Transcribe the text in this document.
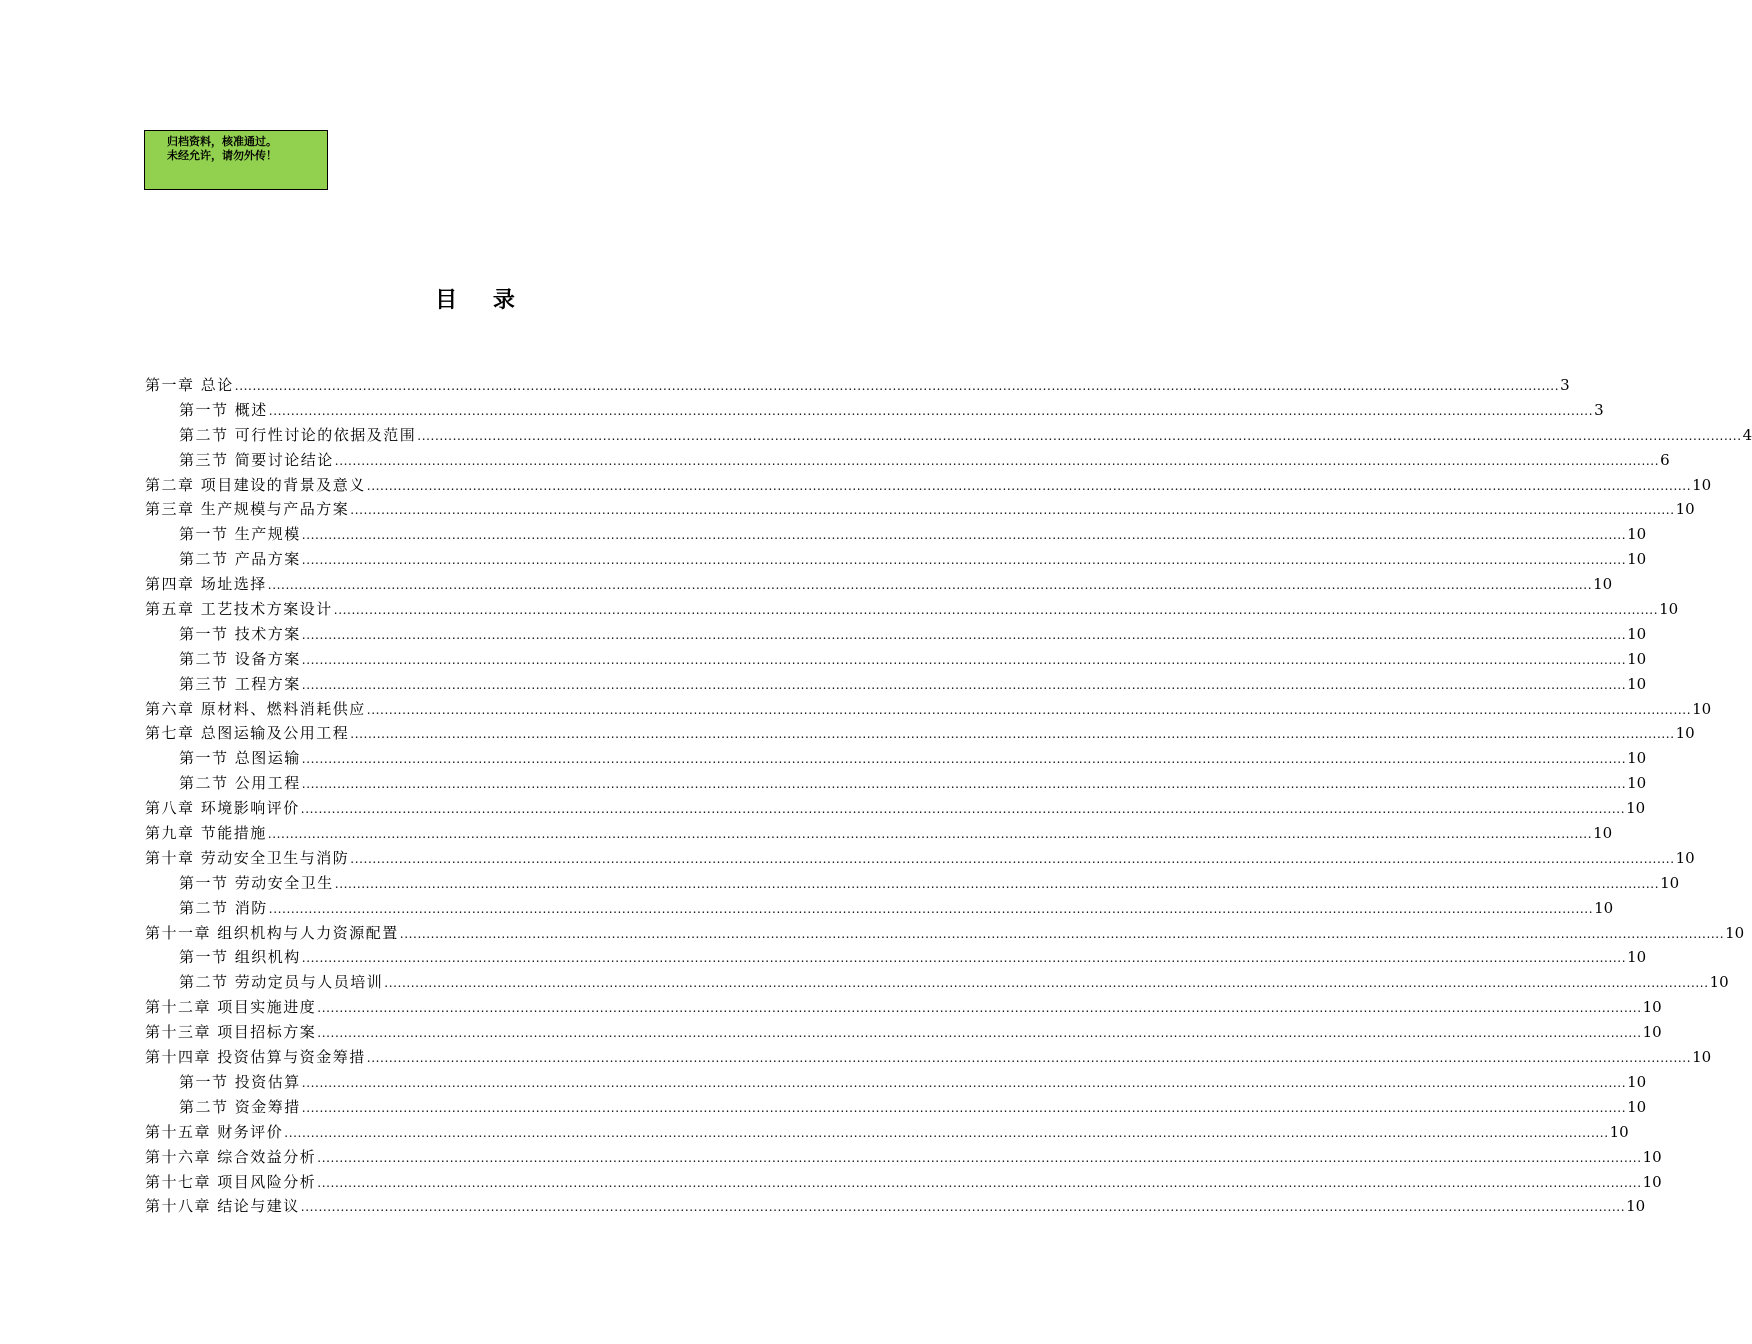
归档资料，核准通过。
未经允许，请勿外传！
目 录
第一章 总论 ............................................................................................................................................................................................................................................................................................................ 3
第一节 概述 ............................................................................................................................................................................................................................................................................................................ 3
第二节 可行性讨论的依据及范围 ............................................................................................................................................................................................................................................................................................................ 4
第三节 简要讨论结论 ............................................................................................................................................................................................................................................................................................................ 6
第二章 项目建设的背景及意义 ............................................................................................................................................................................................................................................................................................................ 10
第三章 生产规模与产品方案 ............................................................................................................................................................................................................................................................................................................ 10
第一节 生产规模 ............................................................................................................................................................................................................................................................................................................ 10
第二节 产品方案 ............................................................................................................................................................................................................................................................................................................ 10
第四章 场址选择 ............................................................................................................................................................................................................................................................................................................ 10
第五章 工艺技术方案设计 ............................................................................................................................................................................................................................................................................................................ 10
第一节 技术方案 ............................................................................................................................................................................................................................................................................................................ 10
第二节 设备方案 ............................................................................................................................................................................................................................................................................................................ 10
第三节 工程方案 ............................................................................................................................................................................................................................................................................................................ 10
第六章 原材料、燃料消耗供应 ............................................................................................................................................................................................................................................................................................................ 10
第七章 总图运输及公用工程 ............................................................................................................................................................................................................................................................................................................ 10
第一节 总图运输 ............................................................................................................................................................................................................................................................................................................ 10
第二节 公用工程 ............................................................................................................................................................................................................................................................................................................ 10
第八章 环境影响评价 ............................................................................................................................................................................................................................................................................................................ 10
第九章 节能措施 ............................................................................................................................................................................................................................................................................................................ 10
第十章 劳动安全卫生与消防 ............................................................................................................................................................................................................................................................................................................ 10
第一节 劳动安全卫生 ............................................................................................................................................................................................................................................................................................................ 10
第二节 消防 ............................................................................................................................................................................................................................................................................................................ 10
第十一章 组织机构与人力资源配置 ............................................................................................................................................................................................................................................................................................................ 10
第一节 组织机构 ............................................................................................................................................................................................................................................................................................................ 10
第二节 劳动定员与人员培训 ............................................................................................................................................................................................................................................................................................................ 10
第十二章 项目实施进度 ............................................................................................................................................................................................................................................................................................................ 10
第十三章 项目招标方案 ............................................................................................................................................................................................................................................................................................................ 10
第十四章 投资估算与资金筹措 ............................................................................................................................................................................................................................................................................................................ 10
第一节 投资估算 ............................................................................................................................................................................................................................................................................................................ 10
第二节 资金筹措 ............................................................................................................................................................................................................................................................................................................ 10
第十五章 财务评价 ............................................................................................................................................................................................................................................................................................................ 10
第十六章 综合效益分析 ............................................................................................................................................................................................................................................................................................................ 10
第十七章 项目风险分析 ............................................................................................................................................................................................................................................................................................................ 10
第十八章 结论与建议 ............................................................................................................................................................................................................................................................................................................ 10
